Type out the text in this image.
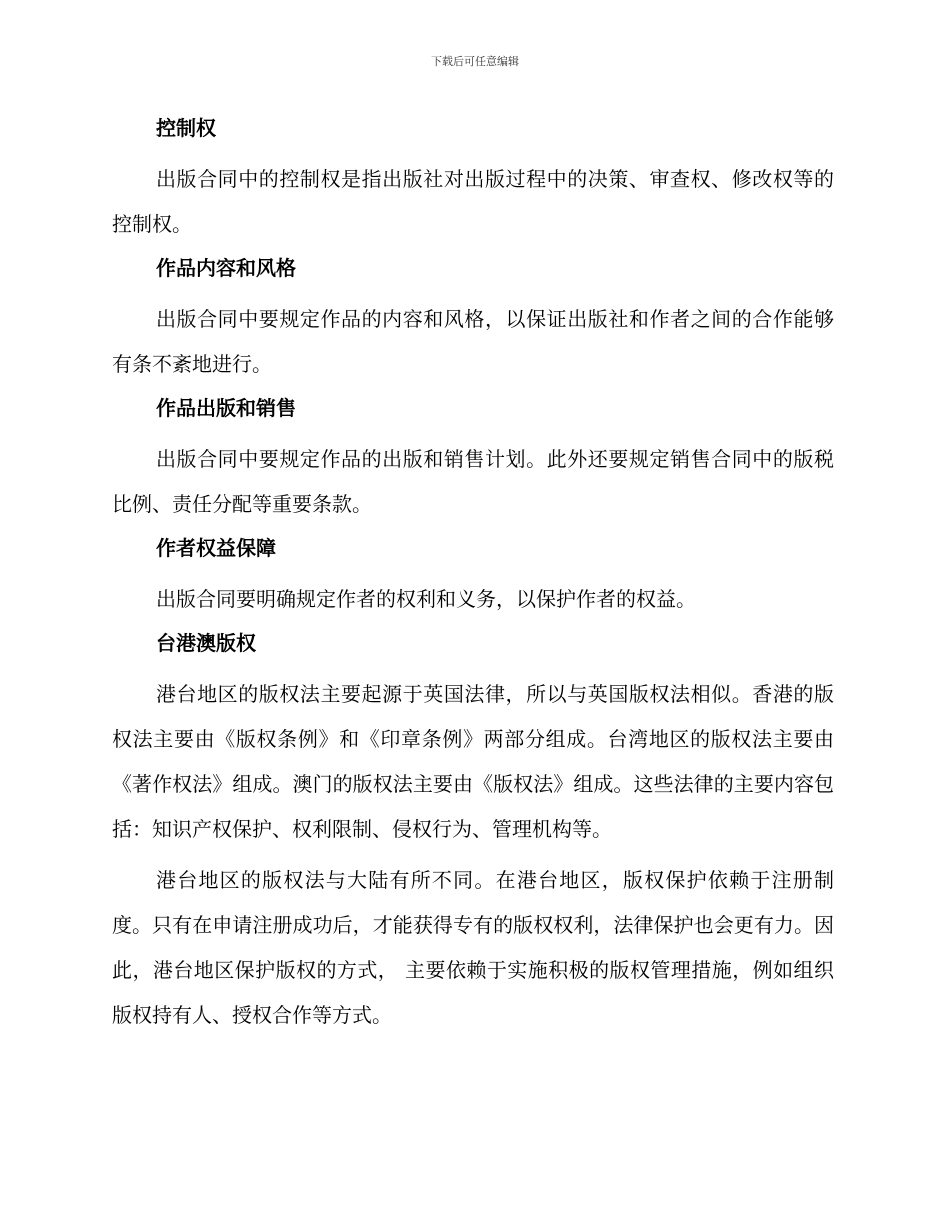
下载后可任意编辑
控制权

出版合同中的控制权是指出版社对出版过程中的决策、审查权、修改权等的控制权。

作品内容和风格

出版合同中要规定作品的内容和风格，以保证出版社和作者之间的合作能够有条不紊地进行。

作品出版和销售

出版合同中要规定作品的出版和销售计划。此外还要规定销售合同中的版税比例、责任分配等重要条款。

作者权益保障

出版合同要明确规定作者的权利和义务，以保护作者的权益。

台港澳版权

港台地区的版权法主要起源于英国法律，所以与英国版权法相似。香港的版权法主要由《版权条例》和《印章条例》两部分组成。台湾地区的版权法主要由《著作权法》组成。澳门的版权法主要由《版权法》组成。这些法律的主要内容包括：知识产权保护、权利限制、侵权行为、管理机构等。

港台地区的版权法与大陆有所不同。在港台地区，版权保护依赖于注册制度。只有在申请注册成功后，才能获得专有的版权权利，法律保护也会更有力。因此，港台地区保护版权的方式， 主要依赖于实施积极的版权管理措施，例如组织版权持有人、授权合作等方式。
